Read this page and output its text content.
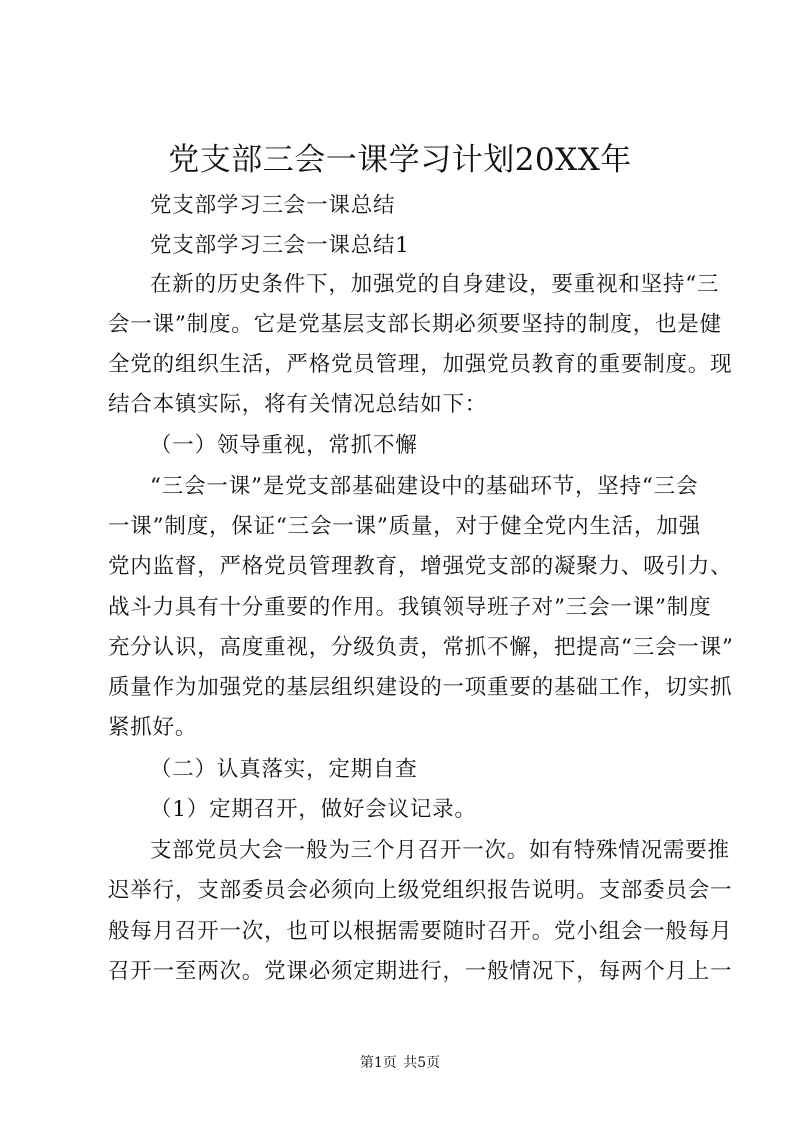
党支部三会一课学习计划20XX年
党支部学习三会一课总结
党支部学习三会一课总结1
在新的历史条件下，加强党的自身建设，要重视和坚持“三
会一课”制度。它是党基层支部长期必须要坚持的制度，也是健
全党的组织生活，严格党员管理，加强党员教育的重要制度。现
结合本镇实际，将有关情况总结如下：
（一）领导重视，常抓不懈
“三会一课”是党支部基础建设中的基础环节，坚持“三会
一课”制度，保证“三会一课”质量，对于健全党内生活，加强
党内监督，严格党员管理教育，增强党支部的凝聚力、吸引力、
战斗力具有十分重要的作用。我镇领导班子对”三会一课”制度
充分认识，高度重视，分级负责，常抓不懈，把提高“三会一课”
质量作为加强党的基层组织建设的一项重要的基础工作，切实抓
紧抓好。
（二）认真落实，定期自查
（1）定期召开，做好会议记录。
支部党员大会一般为三个月召开一次。如有特殊情况需要推
迟举行，支部委员会必须向上级党组织报告说明。支部委员会一
般每月召开一次，也可以根据需要随时召开。党小组会一般每月
召开一至两次。党课必须定期进行，一般情况下，每两个月上一
第1页 共5页
